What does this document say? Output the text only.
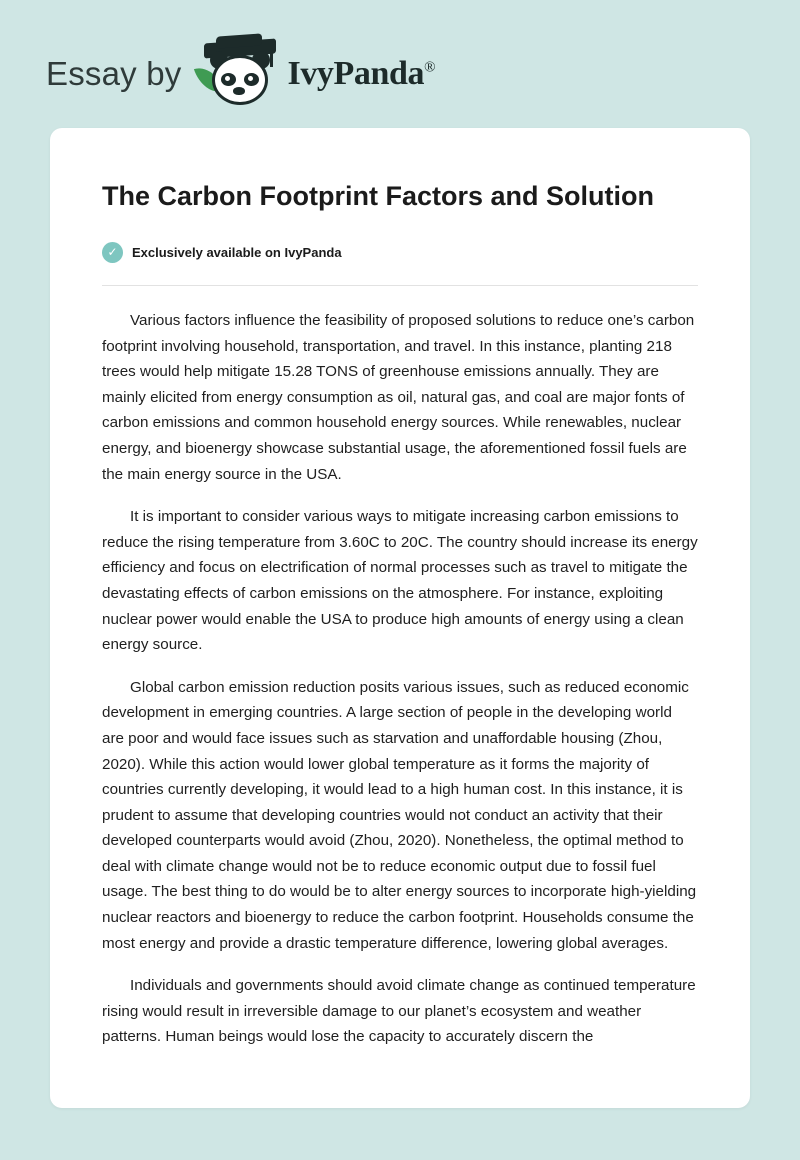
Essay by	IvyPanda®
The Carbon Footprint Factors and Solution
✓	Exclusively available on IvyPanda

Various factors influence the feasibility of proposed solutions to reduce one’s carbon footprint involving household, transportation, and travel. In this instance, planting 218 trees would help mitigate 15.28 TONS of greenhouse emissions annually. They are mainly elicited from energy consumption as oil, natural gas, and coal are major fonts of carbon emissions and common household energy sources. While renewables, nuclear energy, and bioenergy showcase substantial usage, the aforementioned fossil fuels are the main energy source in the USA.

It is important to consider various ways to mitigate increasing carbon emissions to reduce the rising temperature from 3.60C to 20C. The country should increase its energy efficiency and focus on electrification of normal processes such as travel to mitigate the devastating effects of carbon emissions on the atmosphere. For instance, exploiting nuclear power would enable the USA to produce high amounts of energy using a clean energy source.

Global carbon emission reduction posits various issues, such as reduced economic development in emerging countries. A large section of people in the developing world are poor and would face issues such as starvation and unaffordable housing (Zhou, 2020). While this action would lower global temperature as it forms the majority of countries currently developing, it would lead to a high human cost. In this instance, it is prudent to assume that developing countries would not conduct an activity that their developed counterparts would avoid (Zhou, 2020). Nonetheless, the optimal method to deal with climate change would not be to reduce economic output due to fossil fuel usage. The best thing to do would be to alter energy sources to incorporate high-yielding nuclear reactors and bioenergy to reduce the carbon footprint. Households consume the most energy and provide a drastic temperature difference, lowering global averages.

Individuals and governments should avoid climate change as continued temperature rising would result in irreversible damage to our planet’s ecosystem and weather patterns. Human beings would lose the capacity to accurately discern the
